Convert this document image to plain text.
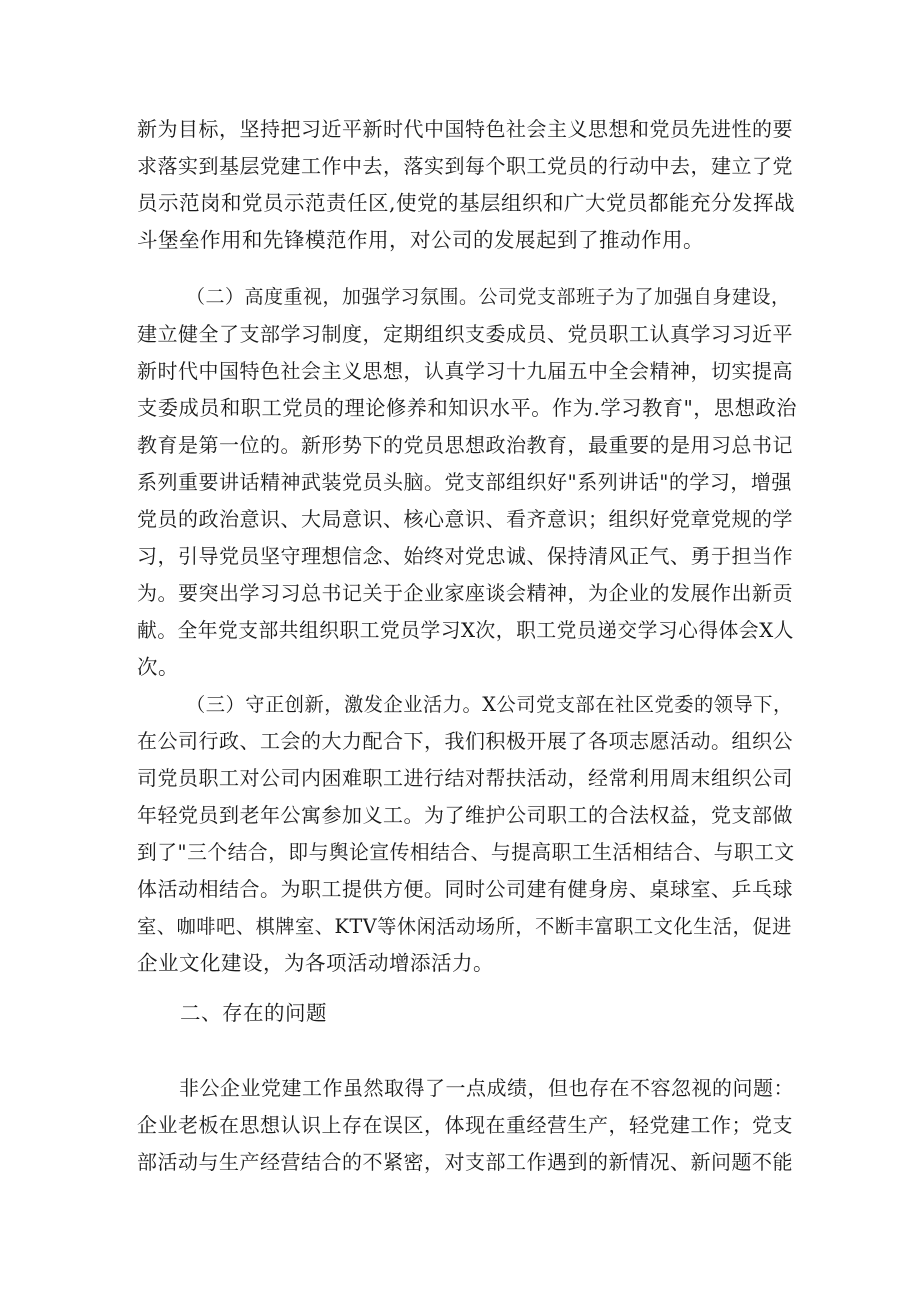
新为目标，坚持把习近平新时代中国特色社会主义思想和党员先进性的要
求落实到基层党建工作中去，落实到每个职工党员的行动中去，建立了党
员示范岗和党员示范责任区,使党的基层组织和广大党员都能充分发挥战
斗堡垒作用和先锋模范作用，对公司的发展起到了推动作用。
（二）高度重视，加强学习氛围。公司党支部班子为了加强自身建设，
建立健全了支部学习制度，定期组织支委成员、党员职工认真学习习近平
新时代中国特色社会主义思想，认真学习十九届五中全会精神，切实提高
支委成员和职工党员的理论修养和知识水平。作为.学习教育"，思想政治
教育是第一位的。新形势下的党员思想政治教育，最重要的是用习总书记
系列重要讲话精神武装党员头脑。党支部组织好"系列讲话"的学习，增强
党员的政治意识、大局意识、核心意识、看齐意识；组织好党章党规的学
习，引导党员坚守理想信念、始终对党忠诚、保持清风正气、勇于担当作
为。要突出学习习总书记关于企业家座谈会精神，为企业的发展作出新贡
献。全年党支部共组织职工党员学习X次，职工党员递交学习心得体会X人
次。
（三）守正创新，激发企业活力。X公司党支部在社区党委的领导下，
在公司行政、工会的大力配合下，我们积极开展了各项志愿活动。组织公
司党员职工对公司内困难职工进行结对帮扶活动，经常利用周末组织公司
年轻党员到老年公寓参加义工。为了维护公司职工的合法权益，党支部做
到了"三个结合，即与舆论宣传相结合、与提高职工生活相结合、与职工文
体活动相结合。为职工提供方便。同时公司建有健身房、桌球室、乒乓球
室、咖啡吧、棋牌室、KTV等休闲活动场所，不断丰富职工文化生活，促进
企业文化建设，为各项活动增添活力。
二、存在的问题
非公企业党建工作虽然取得了一点成绩，但也存在不容忽视的问题：
企业老板在思想认识上存在误区，体现在重经营生产，轻党建工作；党支
部活动与生产经营结合的不紧密，对支部工作遇到的新情况、新问题不能
